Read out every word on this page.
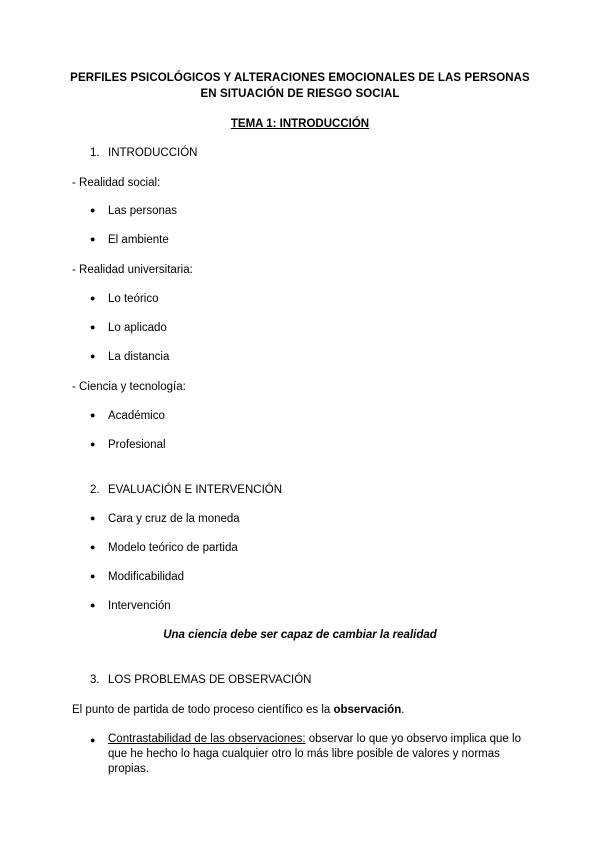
PERFILES PSICOLÓGICOS Y ALTERACIONES EMOCIONALES DE LAS PERSONAS
EN SITUACIÓN DE RIESGO SOCIAL
TEMA 1: INTRODUCCIÓN
1. INTRODUCCIÓN
- Realidad social:
● Las personas
● El ambiente
- Realidad universitaria:
● Lo teórico
● Lo aplicado
● La distancia
- Ciencia y tecnología:
● Académico
● Profesional
2. EVALUACIÓN E INTERVENCIÓN
● Cara y cruz de la moneda
● Modelo teórico de partida
● Modificabilidad
● Intervención
Una ciencia debe ser capaz de cambiar la realidad
3. LOS PROBLEMAS DE OBSERVACIÓN
El punto de partida de todo proceso científico es la observación.
● Contrastabilidad de las observaciones: observar lo que yo observo implica que lo que he hecho lo haga cualquier otro lo más libre posible de valores y normas propias.
